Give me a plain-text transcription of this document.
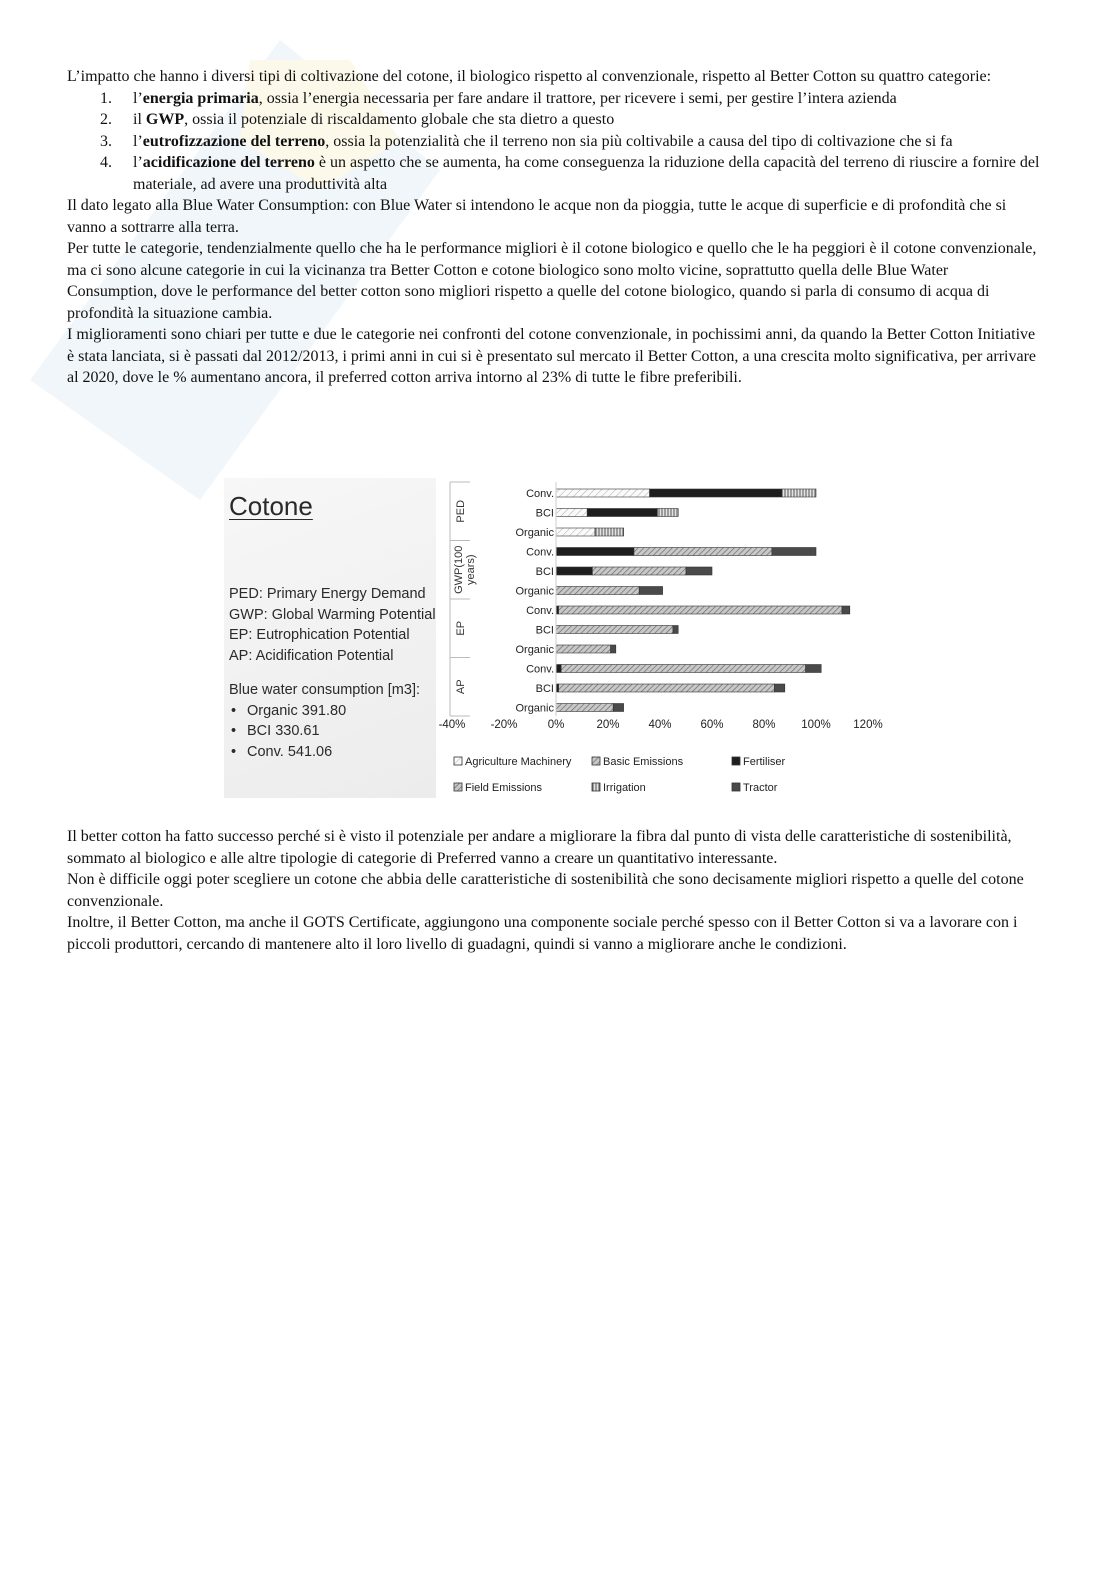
L’impatto che hanno i diversi tipi di coltivazione del cotone, il biologico rispetto al convenzionale, rispetto al Better Cotton su quattro categorie:

1. l’energia primaria, ossia l’energia necessaria per fare andare il trattore, per ricevere i semi, per gestire l’intera azienda
2. il GWP, ossia il potenziale di riscaldamento globale che sta dietro a questo
3. l’eutrofizzazione del terreno, ossia la potenzialità che il terreno non sia più coltivabile a causa del tipo di coltivazione che si fa
4. l’acidificazione del terreno è un aspetto che se aumenta, ha come conseguenza la riduzione della capacità del terreno di riuscire a fornire del materiale, ad avere una produttività alta

Il dato legato alla Blue Water Consumption: con Blue Water si intendono le acque non da pioggia, tutte le acque di superficie e di profondità che si vanno a sottrarre alla terra.

Per tutte le categorie, tendenzialmente quello che ha le performance migliori è il cotone biologico e quello che le ha peggiori è il cotone convenzionale, ma ci sono alcune categorie in cui la vicinanza tra Better Cotton e cotone biologico sono molto vicine, soprattutto quella delle Blue Water Consumption, dove le performance del better cotton sono migliori rispetto a quelle del cotone biologico, quando si parla di consumo di acqua di profondità la situazione cambia.

I miglioramenti sono chiari per tutte e due le categorie nei confronti del cotone convenzionale, in pochissimi anni, da quando la Better Cotton Initiative è stata lanciata, si è passati dal 2012/2013, i primi anni in cui si è presentato sul mercato il Better Cotton, a una crescita molto significativa, per arrivare al 2020, dove le % aumentano ancora, il preferred cotton arriva intorno al 23% di tutte le fibre preferibili.

Cotone
PED: Primary Energy Demand
GWP: Global Warming Potential
EP: Eutrophication Potential
AP: Acidification Potential
Blue water consumption [m3]:
• Organic 391.80
• BCI 330.61
• Conv. 541.06
PED
Conv.
BCI
Organic
GWP(100years)
Conv.
BCI
Organic
EP
Conv.
BCI
Organic
AP
Conv.
BCI
Organic
-40% -20%	0%	20%	40%	60%	80% 100% 120%
Agriculture Machinery	Basic Emissions	Fertiliser
Field Emissions	Irrigation	Tractor

Il better cotton ha fatto successo perché si è visto il potenziale per andare a migliorare la fibra dal punto di vista delle caratteristiche di sostenibilità, sommato al biologico e alle altre tipologie di categorie di Preferred vanno a creare un quantitativo interessante.

Non è difficile oggi poter scegliere un cotone che abbia delle caratteristiche di sostenibilità che sono decisamente migliori rispetto a quelle del cotone convenzionale.

Inoltre, il Better Cotton, ma anche il GOTS Certificate, aggiungono una componente sociale perché spesso con il Better Cotton si va a lavorare con i piccoli produttori, cercando di mantenere alto il loro livello di guadagni, quindi si vanno a migliorare anche le condizioni.
